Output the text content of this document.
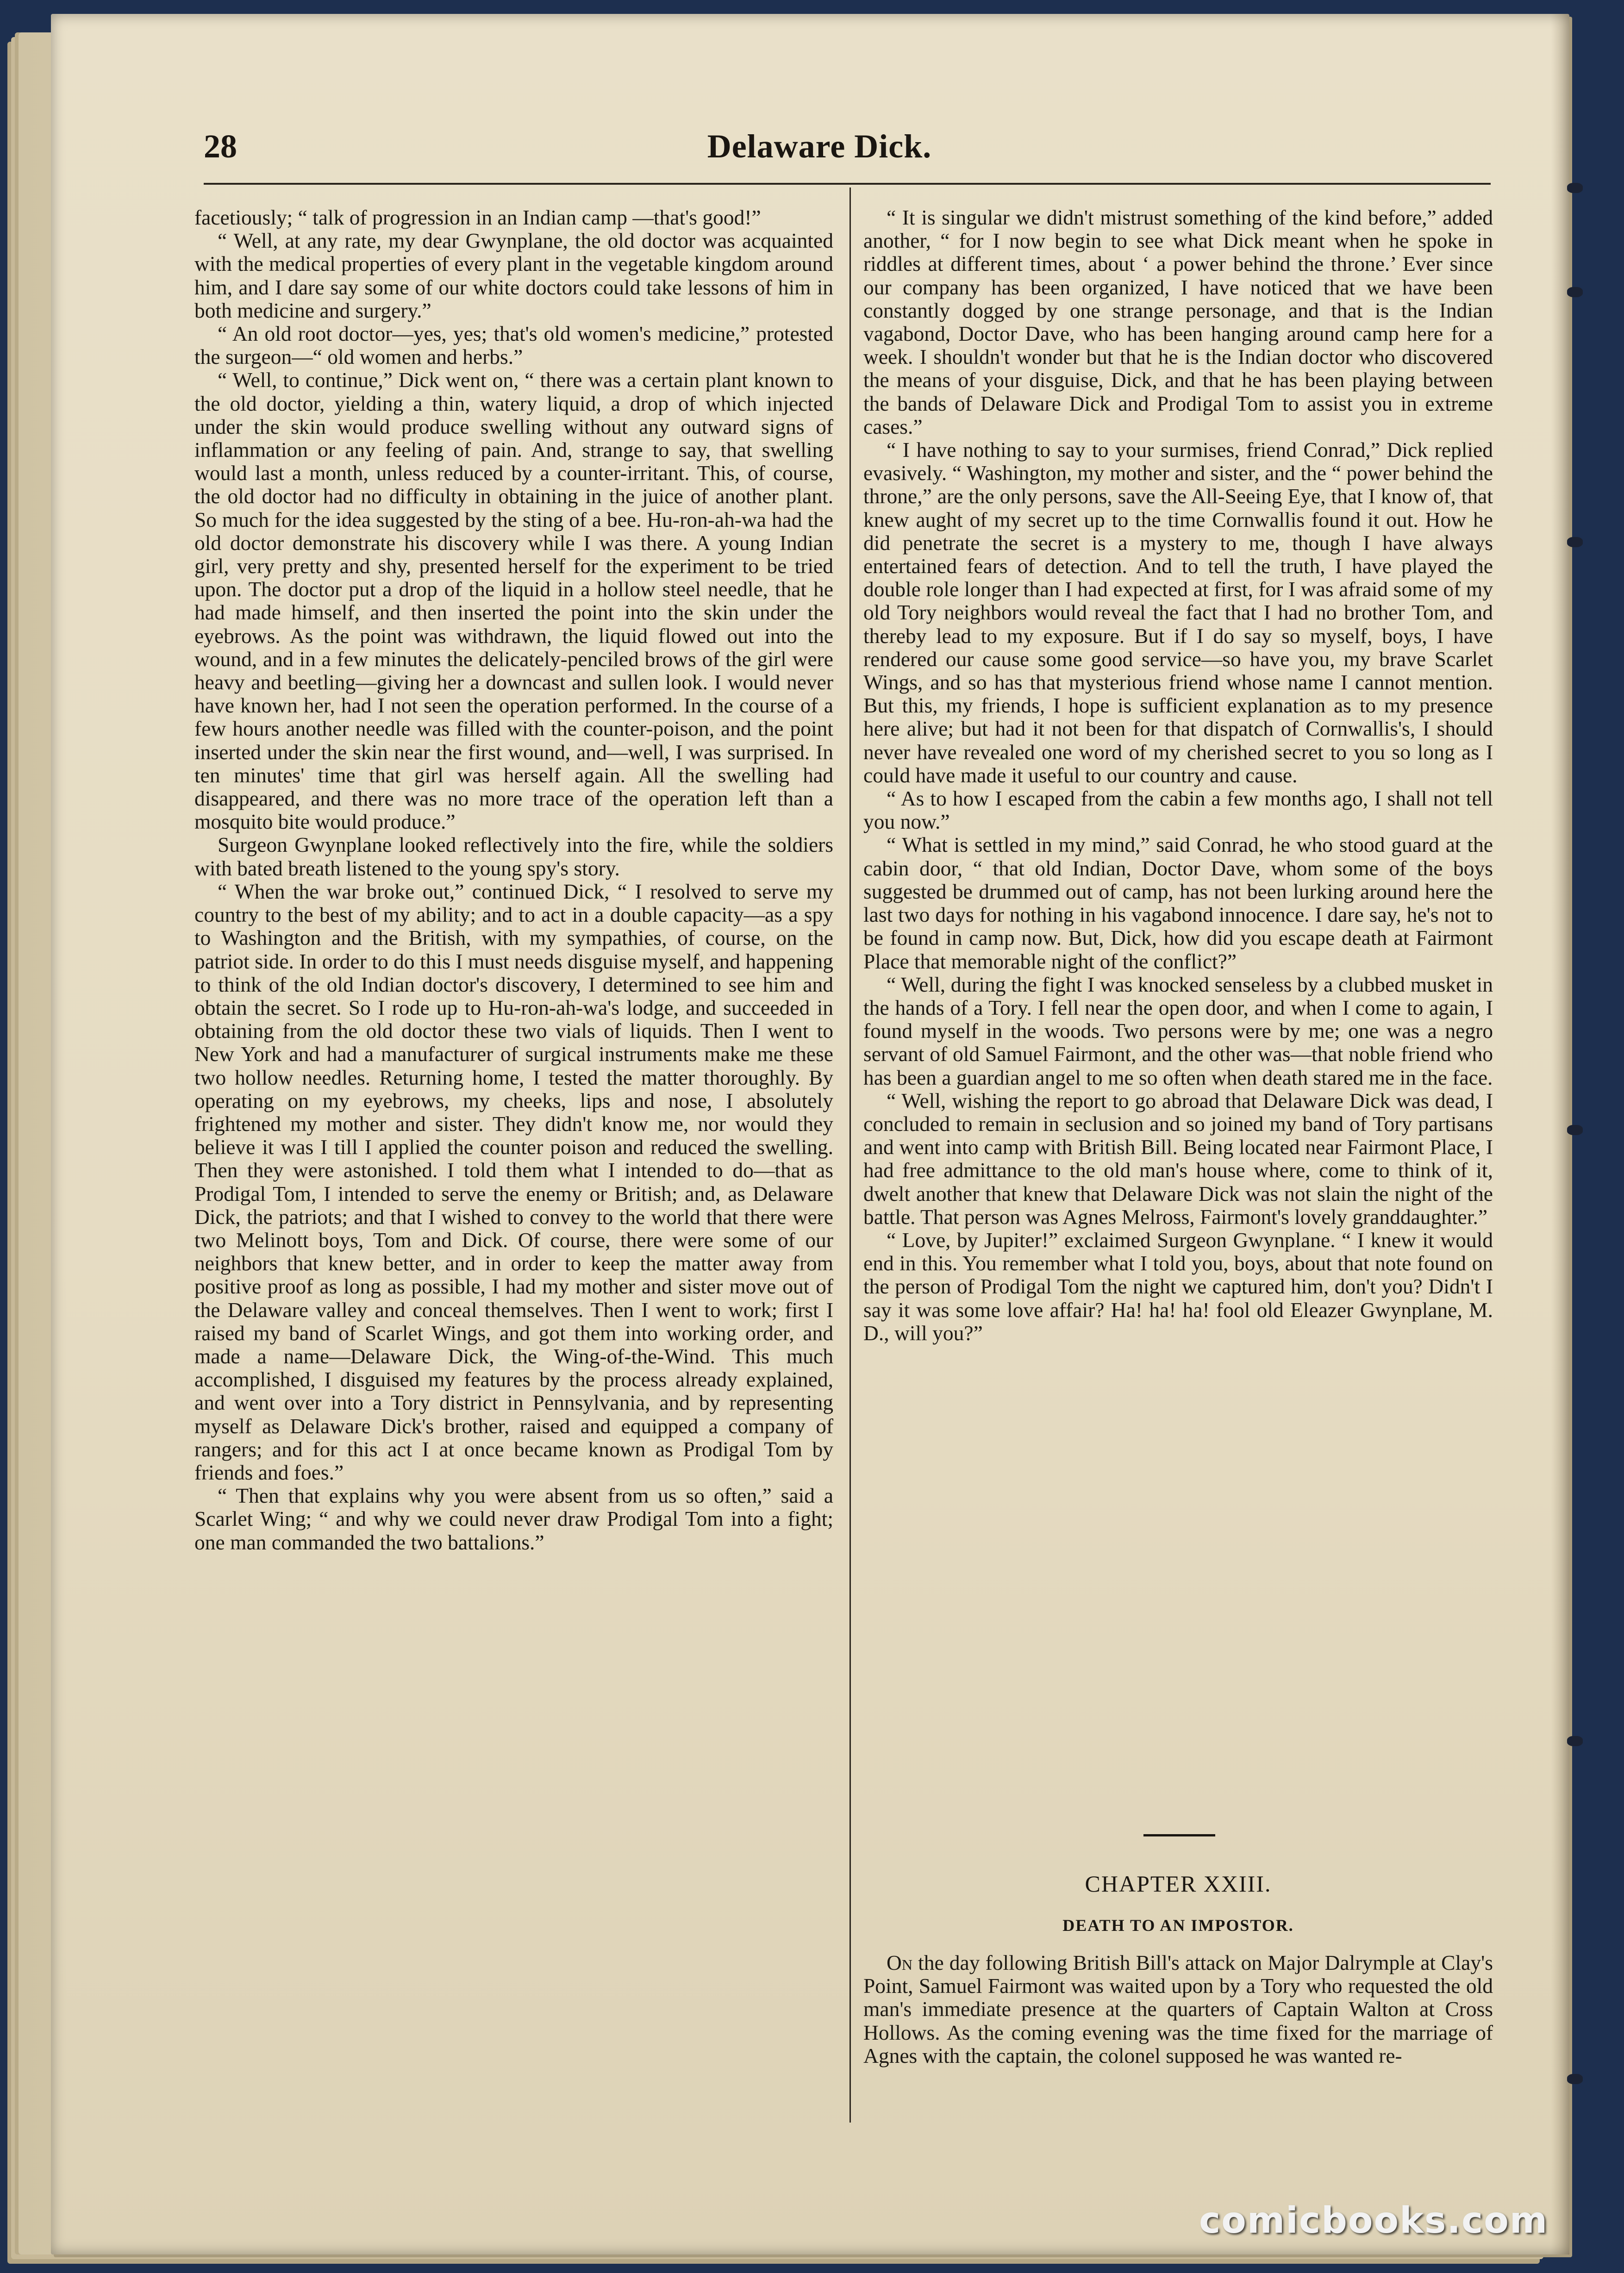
28	Delaware Dick.

facetiously; “ talk of progression in an Indian camp —that's good!”

“ Well, at any rate, my dear Gwynplane, the old doctor was acquainted with the medical properties of every plant in the vegetable kingdom around him, and I dare say some of our white doctors could take lessons of him in both medicine and surgery.”

“ An old root doctor—yes, yes; that's old women's medicine,” protested the surgeon—“ old women and herbs.”

“ Well, to continue,” Dick went on, “ there was a certain plant known to the old doctor, yielding a thin, watery liquid, a drop of which injected under the skin would produce swelling without any outward signs of inflammation or any feeling of pain. And, strange to say, that swelling would last a month, unless reduced by a counter-irritant. This, of course, the old doctor had no difficulty in obtaining in the juice of another plant. So much for the idea suggested by the sting of a bee. Hu-ron-ah-wa had the old doctor demonstrate his discovery while I was there. A young Indian girl, very pretty and shy, presented herself for the experiment to be tried upon. The doctor put a drop of the liquid in a hollow steel needle, that he had made himself, and then inserted the point into the skin under the eyebrows. As the point was withdrawn, the liquid flowed out into the wound, and in a few minutes the delicately-penciled brows of the girl were heavy and beetling—giving her a downcast and sullen look. I would never have known her, had I not seen the operation performed. In the course of a few hours another needle was filled with the counter-poison, and the point inserted under the skin near the first wound, and—well, I was surprised. In ten minutes' time that girl was herself again. All the swelling had disappeared, and there was no more trace of the operation left than a mosquito bite would produce.”

Surgeon Gwynplane looked reflectively into the fire, while the soldiers with bated breath listened to the young spy's story.

“ When the war broke out,” continued Dick, “ I resolved to serve my country to the best of my ability; and to act in a double capacity—as a spy to Washington and the British, with my sympathies, of course, on the patriot side. In order to do this I must needs disguise myself, and happening to think of the old Indian doctor's discovery, I determined to see him and obtain the secret. So I rode up to Hu-ron-ah-wa's lodge, and succeeded in obtaining from the old doctor these two vials of liquids. Then I went to New York and had a manufacturer of surgical instruments make me these two hollow needles. Returning home, I tested the matter thoroughly. By operating on my eyebrows, my cheeks, lips and nose, I absolutely frightened my mother and sister. They didn't know me, nor would they believe it was I till I applied the counter poison and reduced the swelling. Then they were astonished. I told them what I intended to do—that as Prodigal Tom, I intended to serve the enemy or British; and, as Delaware Dick, the patriots; and that I wished to convey to the world that there were two Melinott boys, Tom and Dick. Of course, there were some of our neighbors that knew better, and in order to keep the matter away from positive proof as long as possible, I had my mother and sister move out of the Delaware valley and conceal themselves. Then I went to work; first I raised my band of Scarlet Wings, and got them into working order, and made a name—Delaware Dick, the Wing-of-the-Wind. This much accomplished, I disguised my features by the process already explained, and went over into a Tory district in Pennsylvania, and by representing myself as Delaware Dick's brother, raised and equipped a company of rangers; and for this act I at once became known as Prodigal Tom by friends and foes.”

“ Then that explains why you were absent from us so often,” said a Scarlet Wing; “ and why we could never draw Prodigal Tom into a fight; one man commanded the two battalions.”

“ It is singular we didn't mistrust something of the kind before,” added another, “ for I now begin to see what Dick meant when he spoke in riddles at different times, about ‘ a power behind the throne.’ Ever since our company has been organized, I have noticed that we have been constantly dogged by one strange personage, and that is the Indian vagabond, Doctor Dave, who has been hanging around camp here for a week. I shouldn't wonder but that he is the Indian doctor who discovered the means of your disguise, Dick, and that he has been playing between the bands of Delaware Dick and Prodigal Tom to assist you in extreme cases.”

“ I have nothing to say to your surmises, friend Conrad,” Dick replied evasively. “ Washington, my mother and sister, and the “ power behind the throne,” are the only persons, save the All-Seeing Eye, that I know of, that knew aught of my secret up to the time Cornwallis found it out. How he did penetrate the secret is a mystery to me, though I have always entertained fears of detection. And to tell the truth, I have played the double role longer than I had expected at first, for I was afraid some of my old Tory neighbors would reveal the fact that I had no brother Tom, and thereby lead to my exposure. But if I do say so myself, boys, I have rendered our cause some good service—so have you, my brave Scarlet Wings, and so has that mysterious friend whose name I cannot mention. But this, my friends, I hope is sufficient explanation as to my presence here alive; but had it not been for that dispatch of Cornwallis's, I should never have revealed one word of my cherished secret to you so long as I could have made it useful to our country and cause.

“ As to how I escaped from the cabin a few months ago, I shall not tell you now.”

“ What is settled in my mind,” said Conrad, he who stood guard at the cabin door, “ that old Indian, Doctor Dave, whom some of the boys suggested be drummed out of camp, has not been lurking around here the last two days for nothing in his vagabond innocence. I dare say, he's not to be found in camp now. But, Dick, how did you escape death at Fairmont Place that memorable night of the conflict?”

“ Well, during the fight I was knocked senseless by a clubbed musket in the hands of a Tory. I fell near the open door, and when I come to again, I found myself in the woods. Two persons were by me; one was a negro servant of old Samuel Fairmont, and the other was—that noble friend who has been a guardian angel to me so often when death stared me in the face.

“ Well, wishing the report to go abroad that Delaware Dick was dead, I concluded to remain in seclusion and so joined my band of Tory partisans and went into camp with British Bill. Being located near Fairmont Place, I had free admittance to the old man's house where, come to think of it, dwelt another that knew that Delaware Dick was not slain the night of the battle. That person was Agnes Melross, Fairmont's lovely granddaughter.”

“ Love, by Jupiter!” exclaimed Surgeon Gwynplane. “ I knew it would end in this. You remember what I told you, boys, about that note found on the person of Prodigal Tom the night we captured him, don't you? Didn't I say it was some love affair? Ha! ha! ha! fool old Eleazer Gwynplane, M. D., will you?”

CHAPTER XXIII.
DEATH TO AN IMPOSTOR.

On the day following British Bill's attack on Major Dalrymple at Clay's Point, Samuel Fairmont was waited upon by a Tory who requested the old man's immediate presence at the quarters of Captain Walton at Cross Hollows. As the coming evening was the time fixed for the marriage of Agnes with the captain, the colonel supposed he was wanted re-

comicbooks.com
